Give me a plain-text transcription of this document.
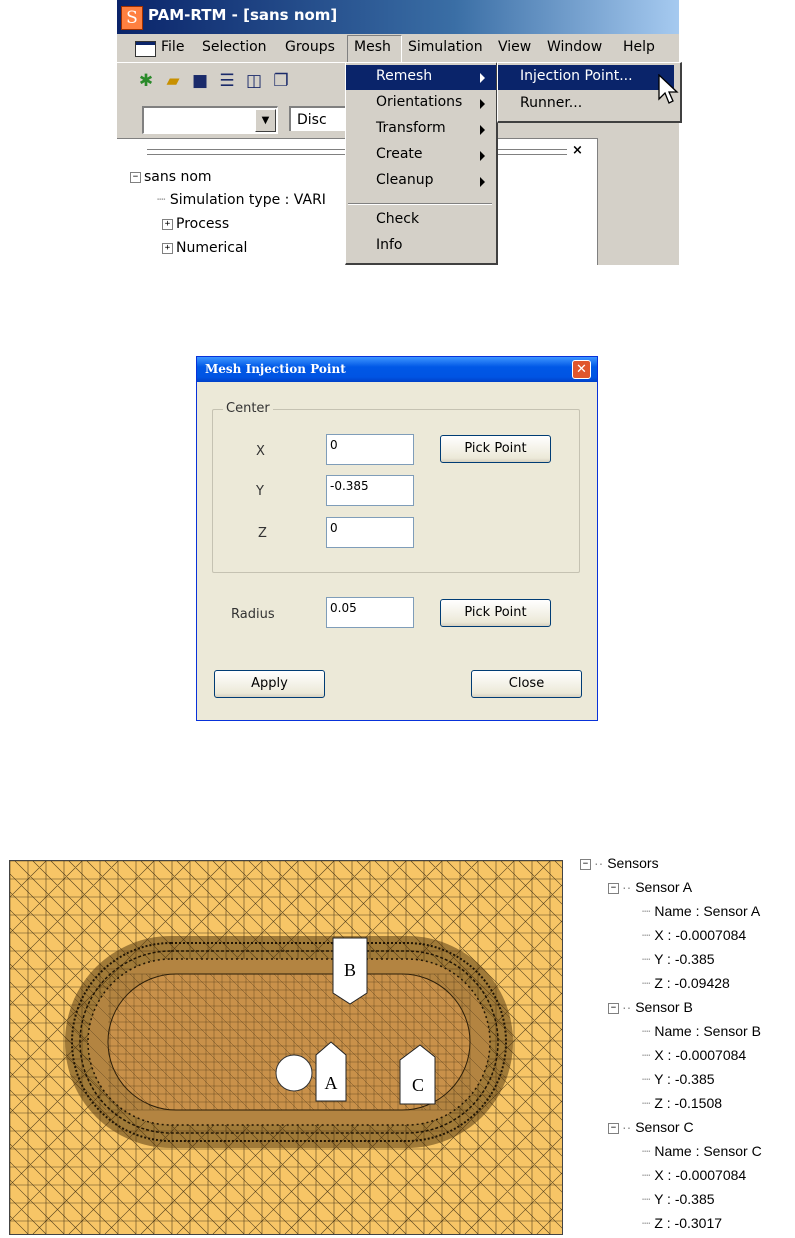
S PAM-RTM - [sans nom]
File Selection Groups Mesh Simulation View Window Help
✱ ▰ ■ ☰ ◫ ❐
▼	Disc
×
− sans nom
┈ Simulation type : VARI
+ Process
+ Numerical
Remesh
Orientations
Transform
Create
Cleanup
Check
Info
Injection Point...
Runner...
Mesh Injection Point	✕
Center
X	0	Pick Point
Y	-0.385
Z	0
Radius	0.05	Pick Point
Apply	Close
B
A	C
− ·· Sensors
− ·· Sensor A
┈ Name : Sensor A
┈ X : -0.0007084
┈ Y : -0.385
┈ Z : -0.09428
− ·· Sensor B
┈ Name : Sensor B
┈ X : -0.0007084
┈ Y : -0.385
┈ Z : -0.1508
− ·· Sensor C
┈ Name : Sensor C
┈ X : -0.0007084
┈ Y : -0.385
┈ Z : -0.3017
